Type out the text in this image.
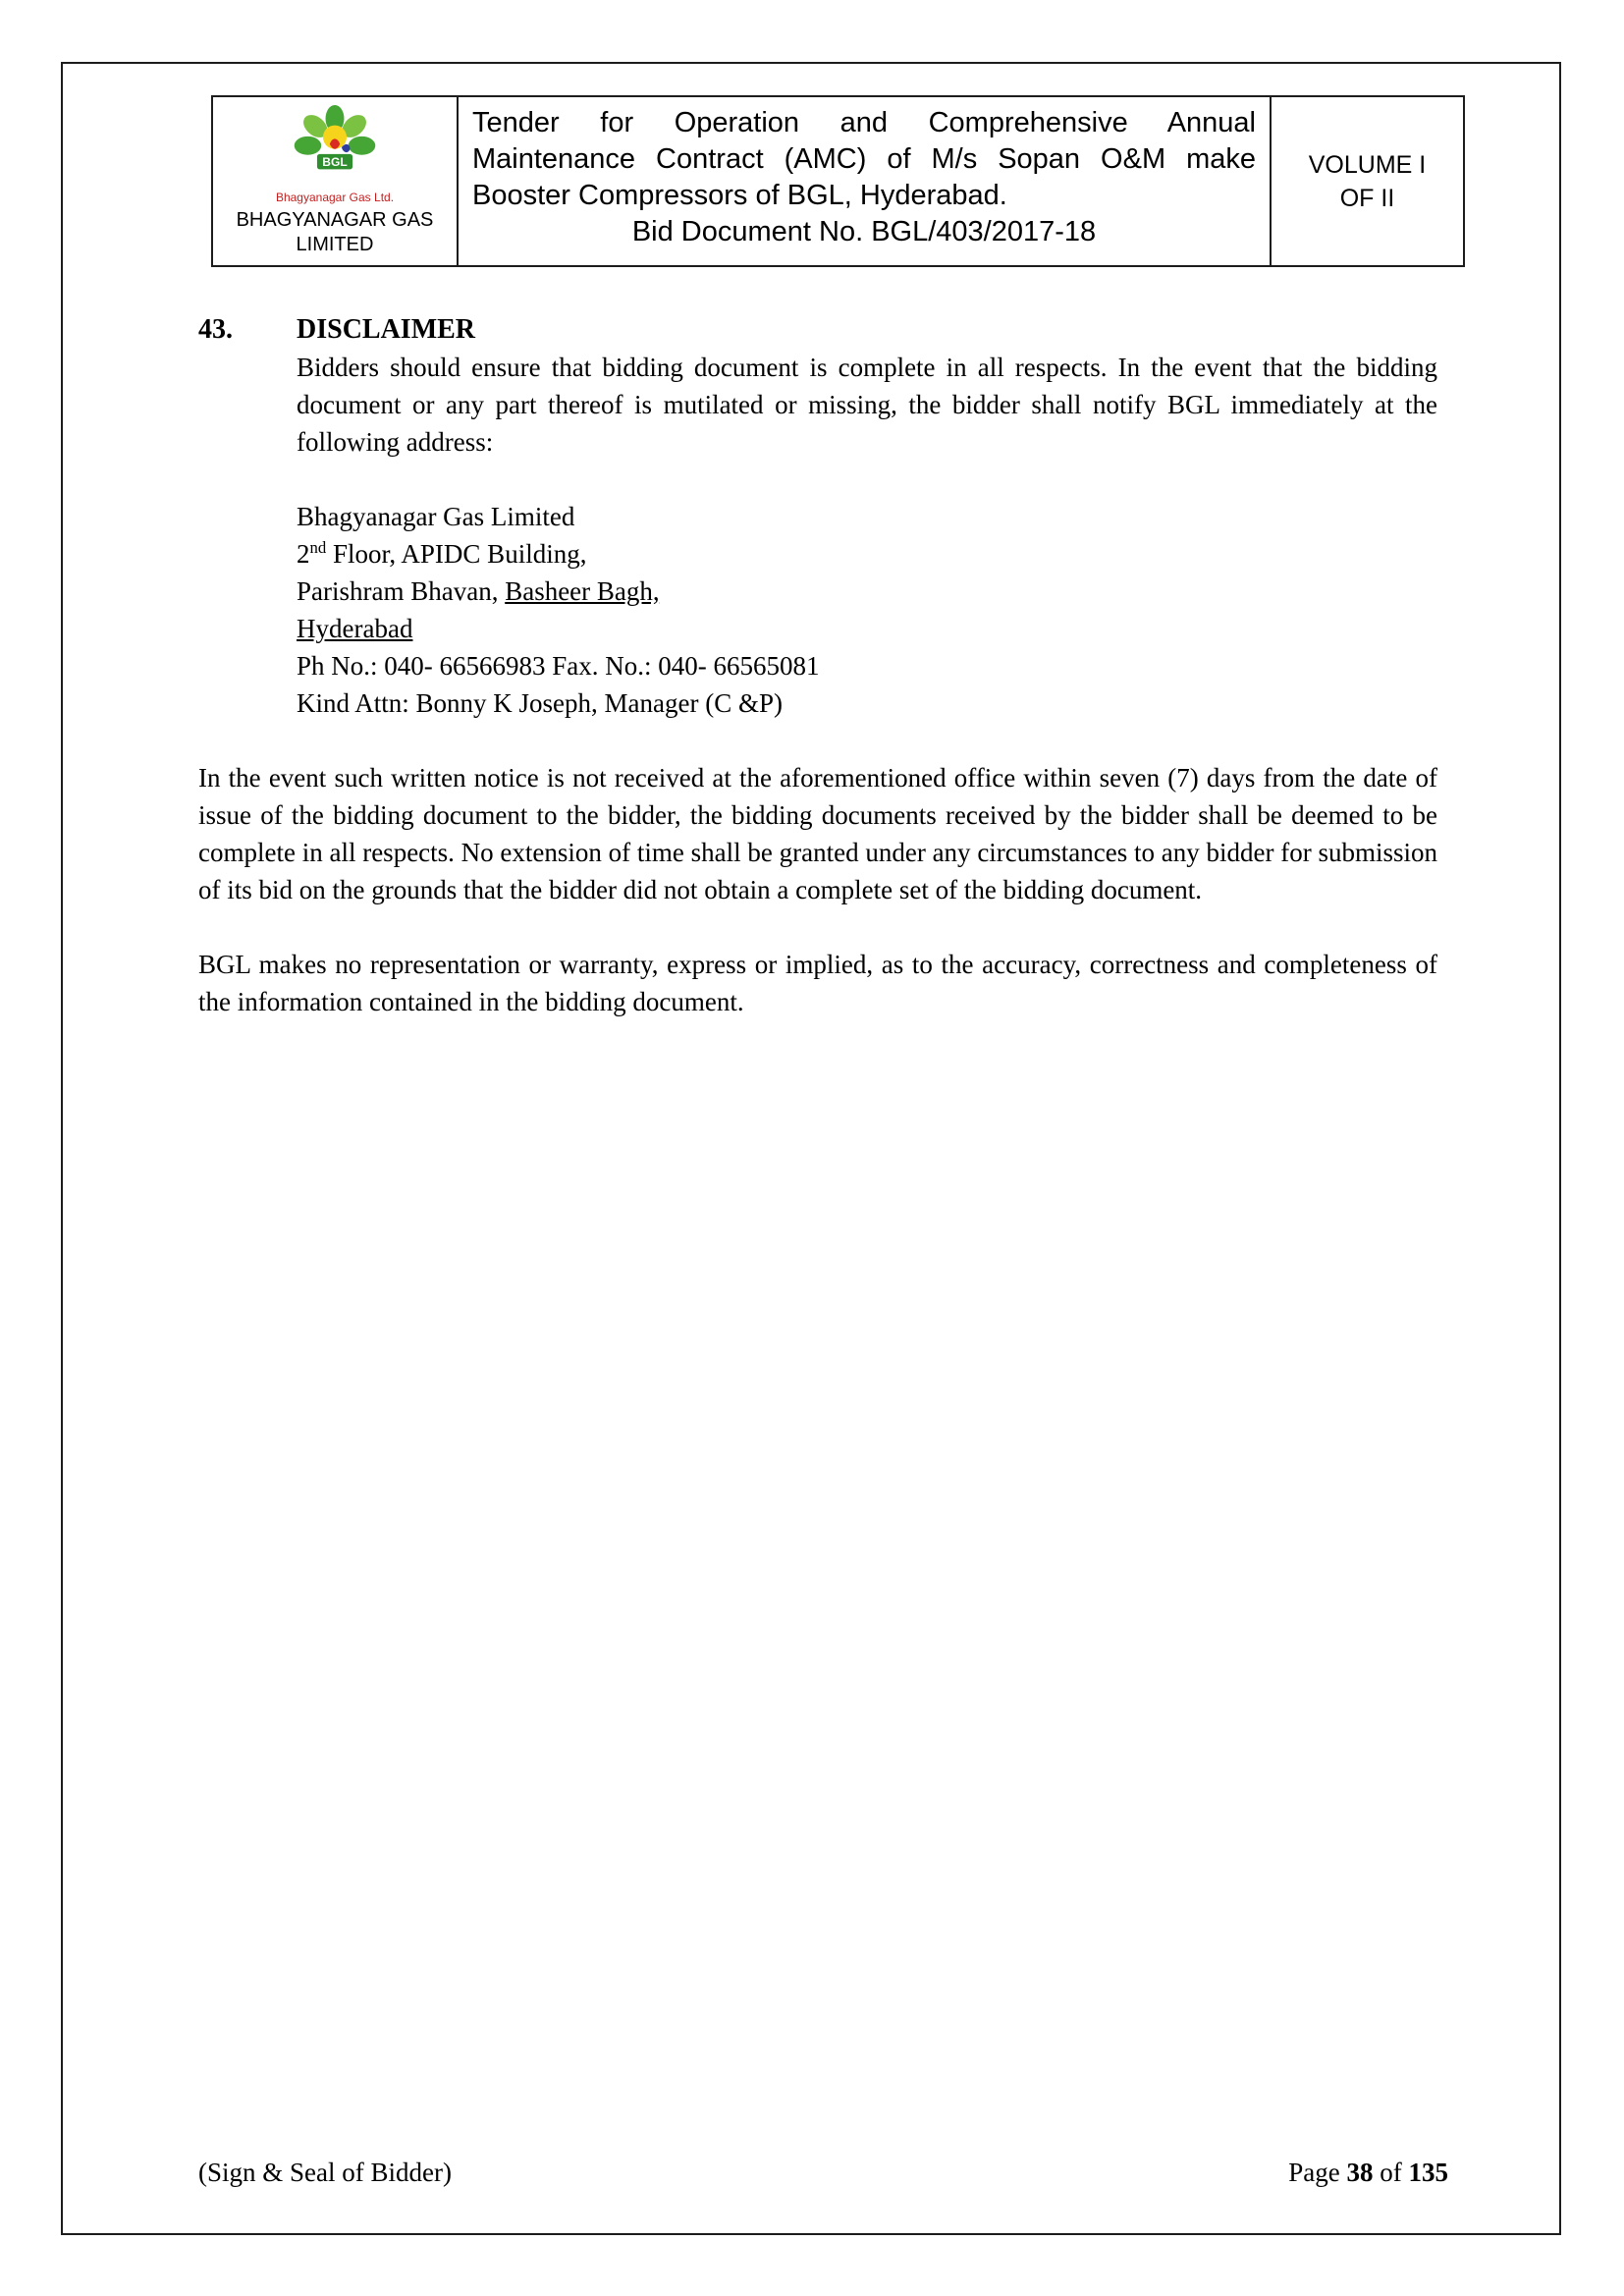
BGL
Bhagyanagar Gas Ltd.
BHAGYANAGAR GAS
LIMITED
Tender for Operation and Comprehensive Annual Maintenance Contract (AMC) of M/s Sopan O&M make Booster Compressors of BGL, Hyderabad.
Bid Document No. BGL/403/2017-18
VOLUME I
OF II
43. DISCLAIMER

Bidders should ensure that bidding document is complete in all respects. In the event that the bidding document or any part thereof is mutilated or missing, the bidder shall notify BGL immediately at the following address:

Bhagyanagar Gas Limited
2nd Floor, APIDC Building,
Parishram Bhavan, Basheer Bagh,
Hyderabad
Ph No.: 040- 66566983 Fax. No.: 040- 66565081
Kind Attn: Bonny K Joseph, Manager (C &P)

In the event such written notice is not received at the aforementioned office within seven (7) days from the date of issue of the bidding document to the bidder, the bidding documents received by the bidder shall be deemed to be complete in all respects. No extension of time shall be granted under any circumstances to any bidder for submission of its bid on the grounds that the bidder did not obtain a complete set of the bidding document.

BGL makes no representation or warranty, express or implied, as to the accuracy, correctness and completeness of the information contained in the bidding document.

(Sign & Seal of Bidder)	Page 38 of 135
